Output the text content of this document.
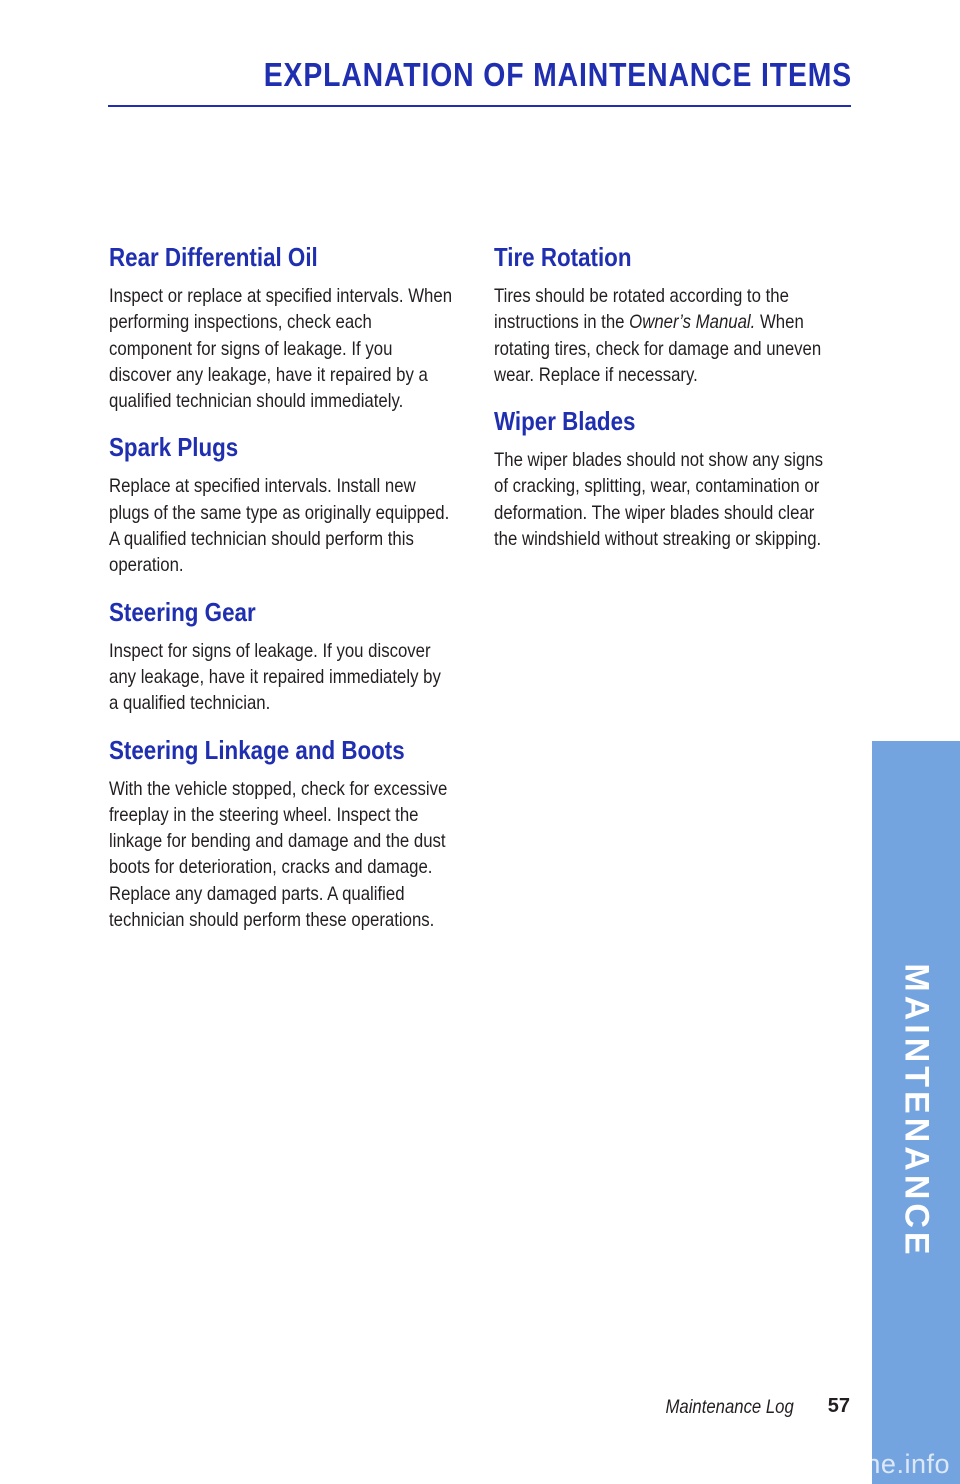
EXPLANATION OF MAINTENANCE ITEMS
Rear Differential Oil

Inspect or replace at specified intervals. When performing inspections, check each component for signs of leakage. If you discover any leakage, have it repaired by a qualified technician should immediately.

Spark Plugs

Replace at specified intervals. Install new plugs of the same type as originally equipped. A qualified technician should perform this operation.

Steering Gear

Inspect for signs of leakage. If you discover any leakage, have it repaired immediately by a qualified technician.

Steering Linkage and Boots

With the vehicle stopped, check for excessive freeplay in the steering wheel. Inspect the linkage for bending and damage and the dust boots for deterioration, cracks and damage. Replace any damaged parts. A qualified technician should perform these operations.

Tire Rotation

Tires should be rotated according to the instructions in the Owner’s Manual. When rotating tires, check for damage and uneven wear. Replace if necessary.

Wiper Blades

The wiper blades should not show any signs of cracking, splitting, wear, contamination or deformation. The wiper blades should clear the windshield without streaking or skipping.

MAINTENANCE
Maintenance Log 57
carmanualsonline.info
